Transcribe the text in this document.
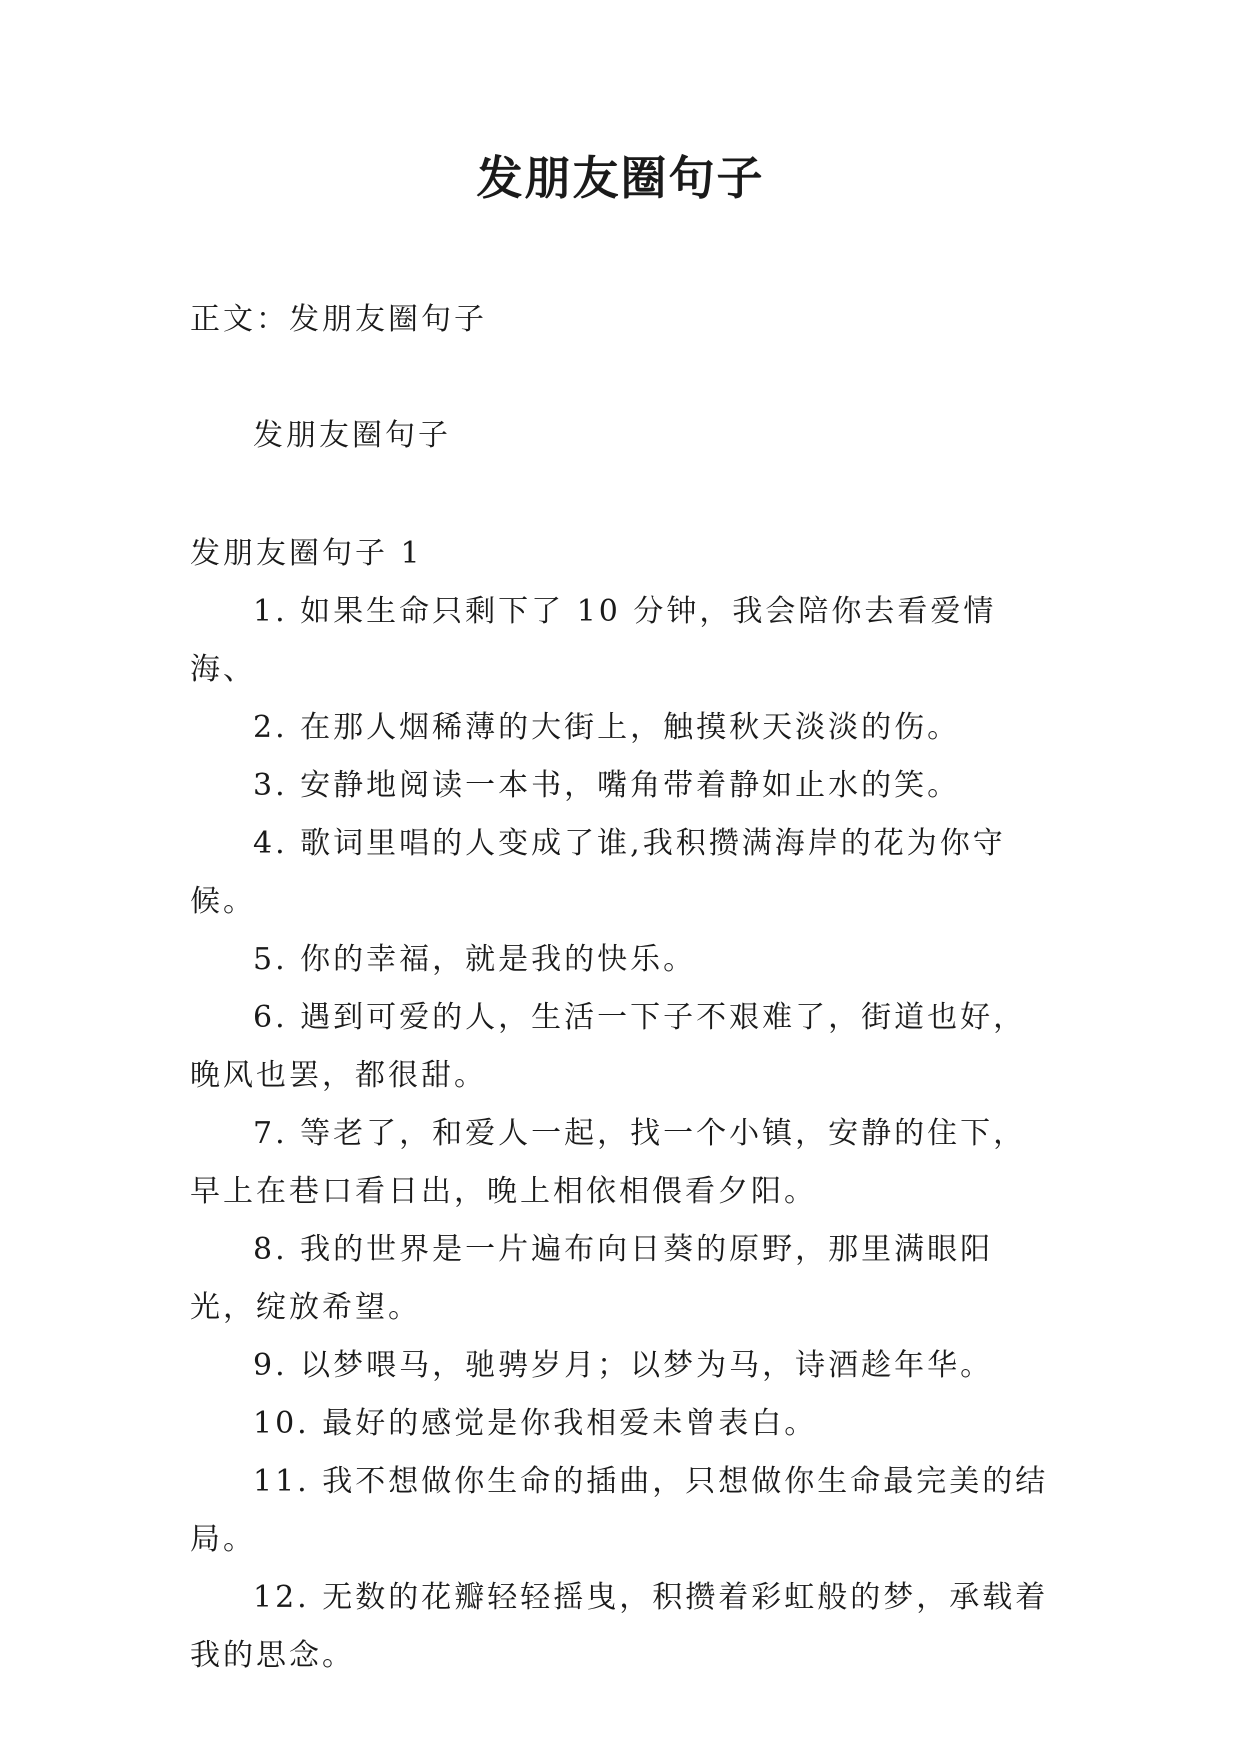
发朋友圈句子

正文：发朋友圈句子

发朋友圈句子

发朋友圈句子 1

1. 如果生命只剩下了 10 分钟，我会陪你去看爱情海、

2. 在那人烟稀薄的大街上，触摸秋天淡淡的伤。

3. 安静地阅读一本书，嘴角带着静如止水的笑。

4. 歌词里唱的人变成了谁,我积攒满海岸的花为你守候。

5. 你的幸福，就是我的快乐。

6. 遇到可爱的人，生活一下子不艰难了，街道也好，晚风也罢，都很甜。

7. 等老了，和爱人一起，找一个小镇，安静的住下，早上在巷口看日出，晚上相依相偎看夕阳。

8. 我的世界是一片遍布向日葵的原野，那里满眼阳光，绽放希望。

9. 以梦喂马，驰骋岁月；以梦为马，诗酒趁年华。

10. 最好的感觉是你我相爱未曾表白。

11. 我不想做你生命的插曲，只想做你生命最完美的结局。

12. 无数的花瓣轻轻摇曳，积攒着彩虹般的梦，承载着我的思念。
